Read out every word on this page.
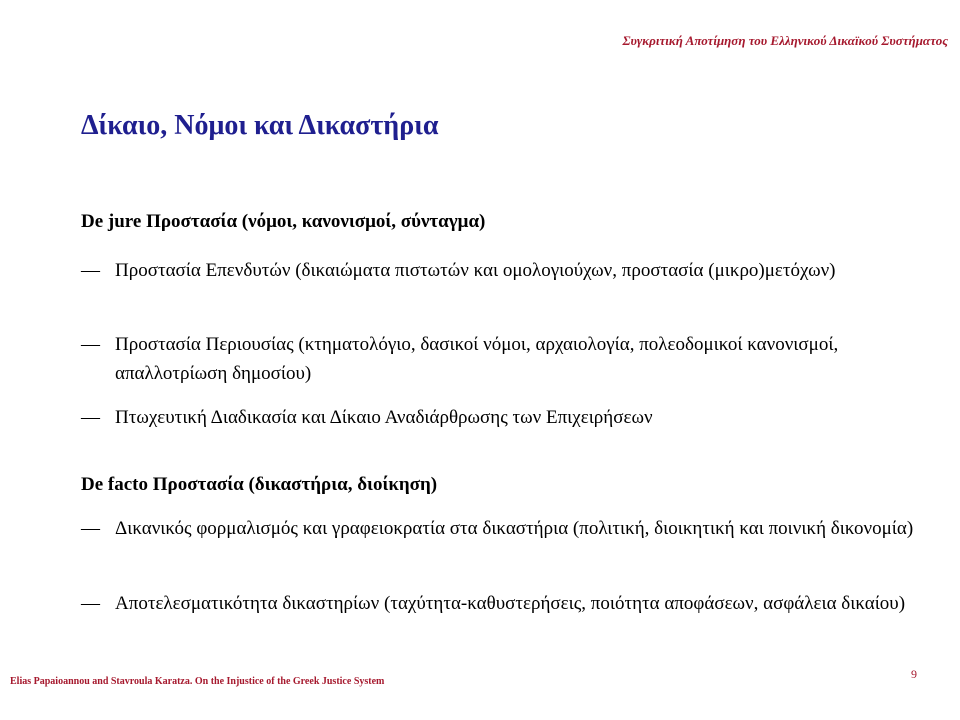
Συγκριτική Αποτίμηση του Ελληνικού Δικαϊκού Συστήματος
Δίκαιο, Νόμοι και Δικαστήρια
De jure Προστασία (νόμοι, κανονισμοί, σύνταγμα)
— Προστασία Επενδυτών (δικαιώματα πιστωτών και ομολογιούχων, προστασία (μικρο)μετόχων)
— Προστασία Περιουσίας (κτηματολόγιο, δασικοί νόμοι, αρχαιολογία, πολεοδομικοί κανονισμοί, απαλλοτρίωση δημοσίου)
— Πτωχευτική Διαδικασία και Δίκαιο Αναδιάρθρωσης των Επιχειρήσεων
De facto Προστασία (δικαστήρια, διοίκηση)
— Δικανικός φορμαλισμός και γραφειοκρατία στα δικαστήρια (πολιτική, διοικητική και ποινική δικονομία)
— Αποτελεσματικότητα δικαστηρίων (ταχύτητα-καθυστερήσεις, ποιότητα αποφάσεων, ασφάλεια δικαίου)
Elias Papaioannou and Stavroula Karatza. On the Injustice of the Greek Justice System
9
